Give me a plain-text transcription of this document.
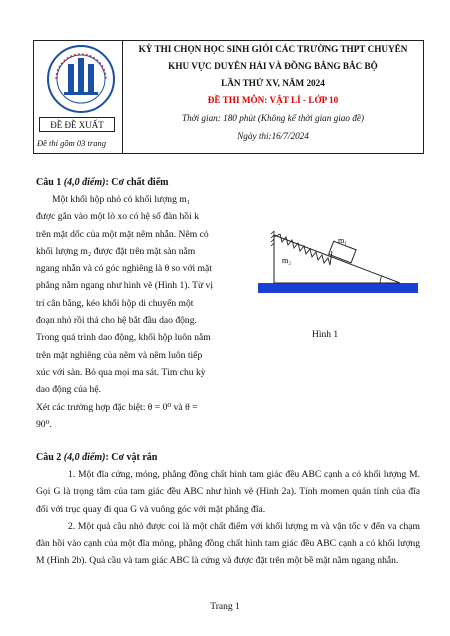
ĐỀ ĐỀ XUẤT
Đề thi gồm 03 trang
KỲ THI CHỌN HỌC SINH GIỎI CÁC TRƯỜNG THPT CHUYÊN
KHU VỰC DUYÊN HẢI VÀ ĐỒNG BẰNG BẮC BỘ
LẦN THỨ XV, NĂM 2024
ĐỀ THI MÔN: VẬT LÍ - LỚP 10
Thời gian: 180 phút (Không kể thời gian giao đề)
Ngày thi:16/7/2024
Câu 1 (4,0 điểm): Cơ chất điểm

Một khối hộp nhỏ có khối lượng m₁

được gắn vào một lò xo có hệ số đàn hồi k

trên mặt dốc của một mặt nêm nhẵn. Nêm có

khối lượng m₂ được đặt trên mặt sàn nằm

ngang nhẵn và có góc nghiêng là θ so với mặt

phẳng nằm ngang như hình vẽ (Hình 1). Từ vị

trí cân bằng, kéo khối hộp di chuyển một

đoạn nhỏ rồi thả cho hệ bắt đầu dao động.

Trong quá trình dao động, khối hộp luôn nằm

trên mặt nghiêng của nêm và nêm luôn tiếp

xúc với sàn. Bỏ qua mọi ma sát. Tìm chu kỳ

dao động của hệ.

Xét các trường hợp đặc biệt: θ = 0⁰ và θ =

90⁰.

m₁
m₂
Hình 1
Câu 2 (4,0 điểm): Cơ vật rắn

1. Một đĩa cứng, mỏng, phẳng đồng chất hình tam giác đều ABC cạnh a có khối lượng M. Gọi G là trọng tâm của tam giác đều ABC như hình vẽ (Hình 2a). Tính momen quán tính của đĩa đối với trục quay đi qua G và vuông góc với mặt phẳng đĩa.

2. Một quả cầu nhỏ được coi là một chất điểm với khối lượng m và vận tốc v đến va chạm đàn hồi vào cạnh của một đĩa mỏng, phẳng đồng chất hình tam giác đều ABC cạnh a có khối lượng M (Hình 2b). Quả cầu và tam giác ABC là cứng và được đặt trên một bề mặt nằm ngang nhẵn.

Trang 1
